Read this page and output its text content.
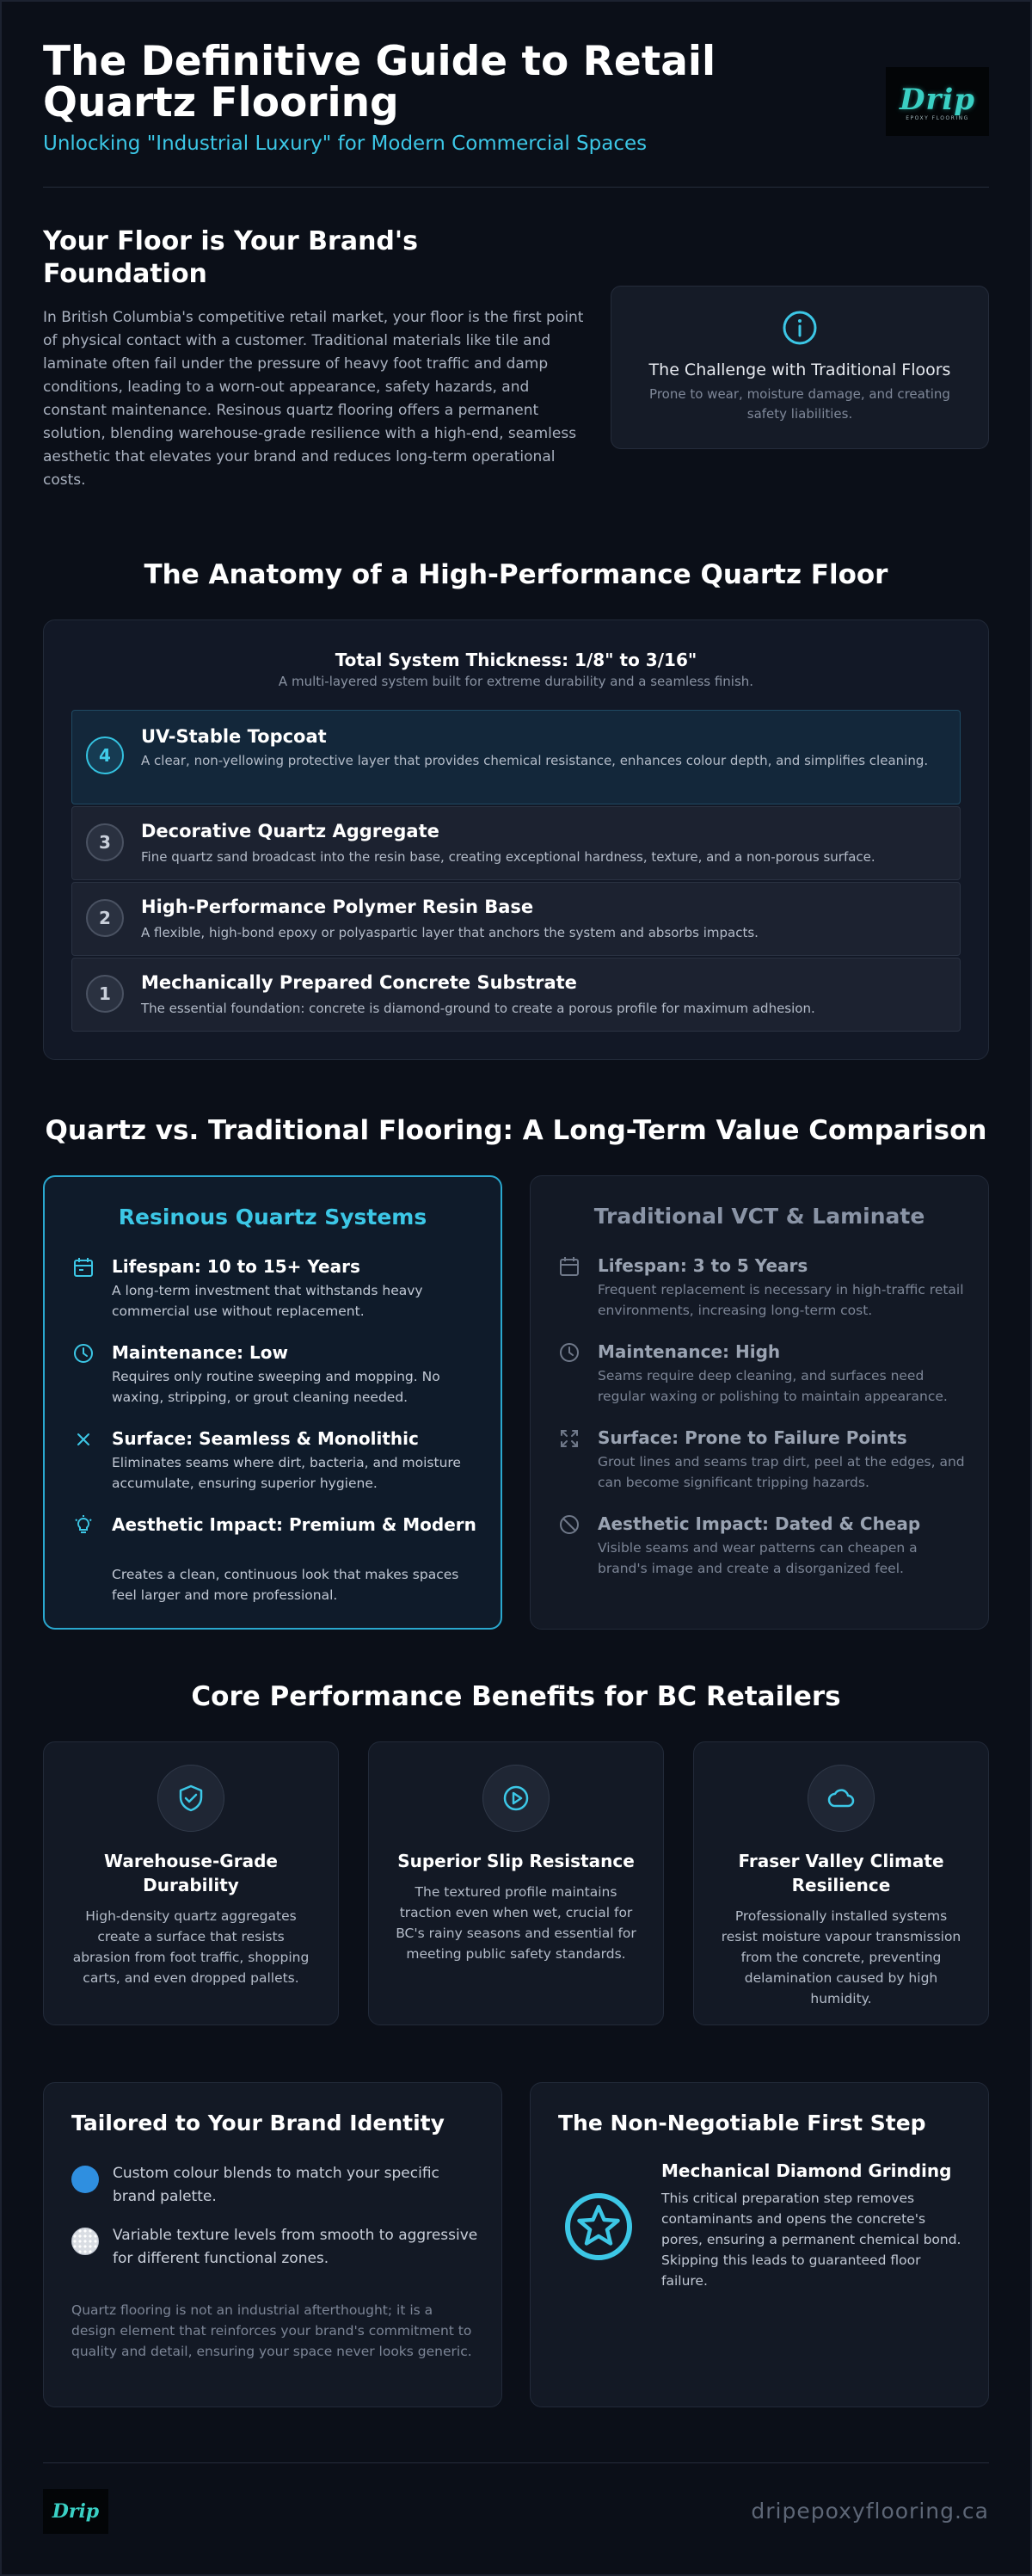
The Definitive Guide to Retail Quartz Flooring
Unlocking "Industrial Luxury" for Modern Commercial Spaces
Drip
EPOXY FLOORING
Your Floor is Your Brand's Foundation

In British Columbia's competitive retail market, your floor is the first point of physical contact with a customer. Traditional materials like tile and laminate often fail under the pressure of heavy foot traffic and damp conditions, leading to a worn-out appearance, safety hazards, and constant maintenance. Resinous quartz flooring offers a permanent solution, blending warehouse-grade resilience with a high-end, seamless aesthetic that elevates your brand and reduces long-term operational costs.

The Challenge with Traditional Floors
Prone to wear, moisture damage, and creating safety liabilities.
The Anatomy of a High-Performance Quartz Floor
Total System Thickness: 1/8" to 3/16"
A multi-layered system built for extreme durability and a seamless finish.
4
UV-Stable Topcoat
A clear, non-yellowing protective layer that provides chemical resistance, enhances colour depth, and simplifies cleaning.
3
Decorative Quartz Aggregate
Fine quartz sand broadcast into the resin base, creating exceptional hardness, texture, and a non-porous surface.
2
High-Performance Polymer Resin Base
A flexible, high-bond epoxy or polyaspartic layer that anchors the system and absorbs impacts.
1
Mechanically Prepared Concrete Substrate
The essential foundation: concrete is diamond-ground to create a porous profile for maximum adhesion.
Quartz vs. Traditional Flooring: A Long-Term Value Comparison
Resinous Quartz Systems
Lifespan: 10 to 15+ Years
A long-term investment that withstands heavy commercial use without replacement.
Maintenance: Low
Requires only routine sweeping and mopping. No waxing, stripping, or grout cleaning needed.
Surface: Seamless & Monolithic
Eliminates seams where dirt, bacteria, and moisture accumulate, ensuring superior hygiene.
Aesthetic Impact: Premium & Modern
Creates a clean, continuous look that makes spaces feel larger and more professional.
Traditional VCT & Laminate
Lifespan: 3 to 5 Years
Frequent replacement is necessary in high-traffic retail environments, increasing long-term cost.
Maintenance: High
Seams require deep cleaning, and surfaces need regular waxing or polishing to maintain appearance.
Surface: Prone to Failure Points
Grout lines and seams trap dirt, peel at the edges, and can become significant tripping hazards.
Aesthetic Impact: Dated & Cheap
Visible seams and wear patterns can cheapen a brand's image and create a disorganized feel.
Core Performance Benefits for BC Retailers
Warehouse-Grade Durability
High-density quartz aggregates create a surface that resists abrasion from foot traffic, shopping carts, and even dropped pallets.
Superior Slip Resistance
The textured profile maintains traction even when wet, crucial for BC's rainy seasons and essential for meeting public safety standards.
Fraser Valley Climate Resilience
Professionally installed systems resist moisture vapour transmission from the concrete, preventing delamination caused by high humidity.
Tailored to Your Brand Identity
Custom colour blends to match your specific brand palette.
Variable texture levels from smooth to aggressive for different functional zones.
Quartz flooring is not an industrial afterthought; it is a design element that reinforces your brand's commitment to quality and detail, ensuring your space never looks generic.
The Non-Negotiable First Step
Mechanical Diamond Grinding
This critical preparation step removes contaminants and opens the concrete's pores, ensuring a permanent chemical bond. Skipping this leads to guaranteed floor failure.
Drip	dripepoxyflooring.ca
